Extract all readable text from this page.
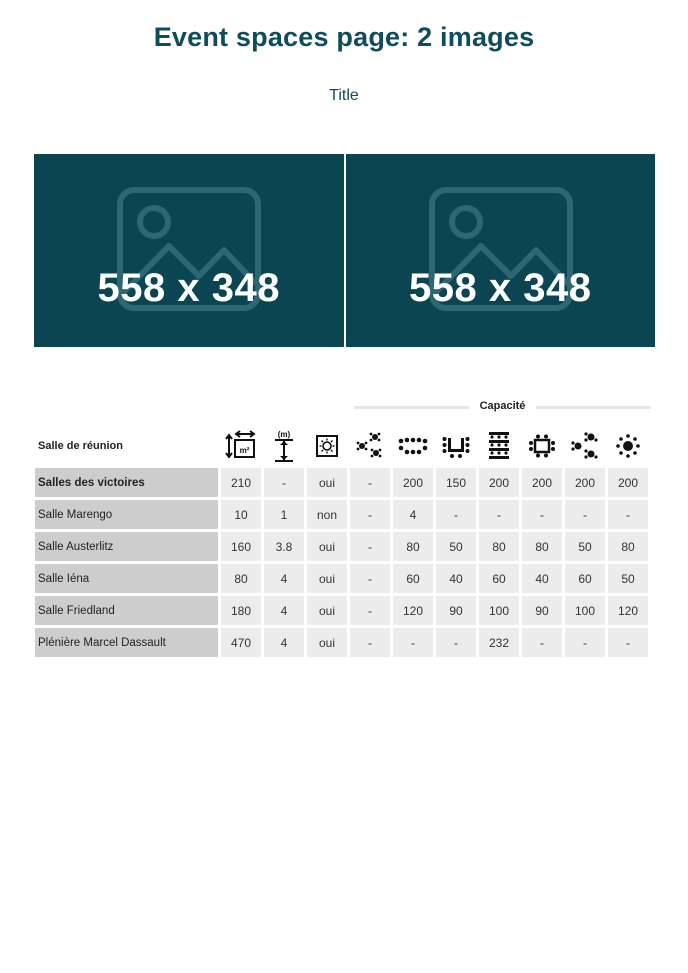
Event spaces page: 2 images
Title
558 x 348	558 x 348
Capacité
Salle de réunion	m²	(m)

Salles des victoires	210	-	oui	-	200	150	200	200	200	200
Salle Marengo	10	1	non	-	4	-	-	-	-	-
Salle Austerlitz	160	3.8	oui	-	80	50	80	80	50	80
Salle Iéna	80	4	oui	-	60	40	60	40	60	50
Salle Friedland	180	4	oui	-	120	90	100	90	100	120
Plénière Marcel Dassault	470	4	oui	-	-	-	232	-	-	-
